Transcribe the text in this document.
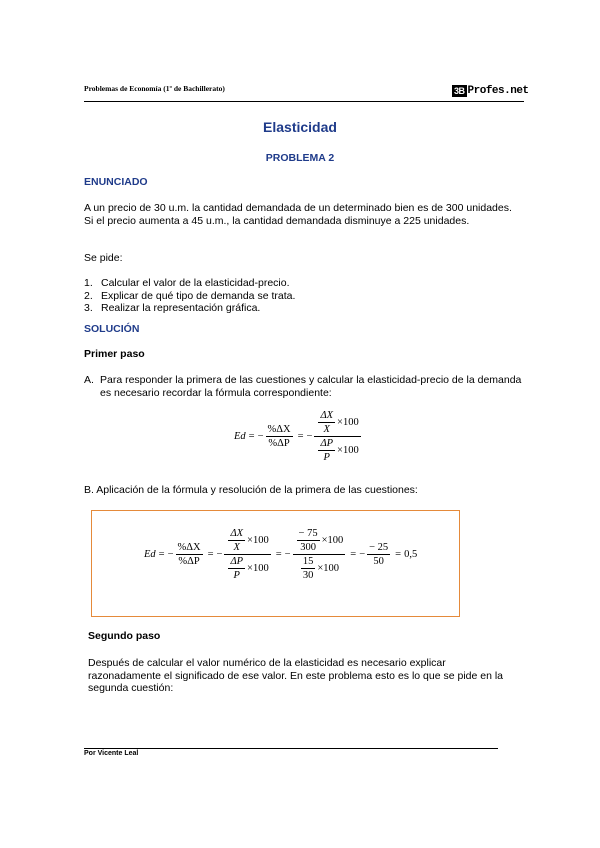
Problemas de Economía (1º de Bachillerato)	3B Profes.net
Elasticidad
PROBLEMA 2
ENUNCIADO
A un precio de 30 u.m. la cantidad demandada de un determinado bien es de 300 unidades. Si el precio aumenta a 45 u.m., la cantidad demandada disminuye a 225 unidades.
Se pide:
1. Calcular el valor de la elasticidad-precio.
2. Explicar de qué tipo de demanda se trata.
3. Realizar la representación gráfica.
SOLUCIÓN
Primer paso
A. Para responder la primera de las cuestiones y calcular la elasticidad-precio de la demanda es necesario recordar la fórmula correspondiente:
Ed = − $\frac{\%\Delta X}{\%\Delta P}$ = − $\frac{\frac{\Delta X}{X} \times 100}{\frac{\Delta P}{P} \times 100}$
B. Aplicación de la fórmula y resolución de la primera de las cuestiones:
Ed = − $\frac{\%\Delta X}{\%\Delta P}$ = − $\frac{\frac{\Delta X}{X} \times 100}{\frac{\Delta P}{P} \times 100}$ = − $\frac{\frac{- 75}{300} \times 100}{\frac{15}{30} \times 100}$ = − $\frac{- 25}{50} = 0,5$
Segundo paso
Después de calcular el valor numérico de la elasticidad es necesario explicar razonadamente el significado de ese valor. En este problema esto es lo que se pide en la segunda cuestión:
Por Vicente Leal
